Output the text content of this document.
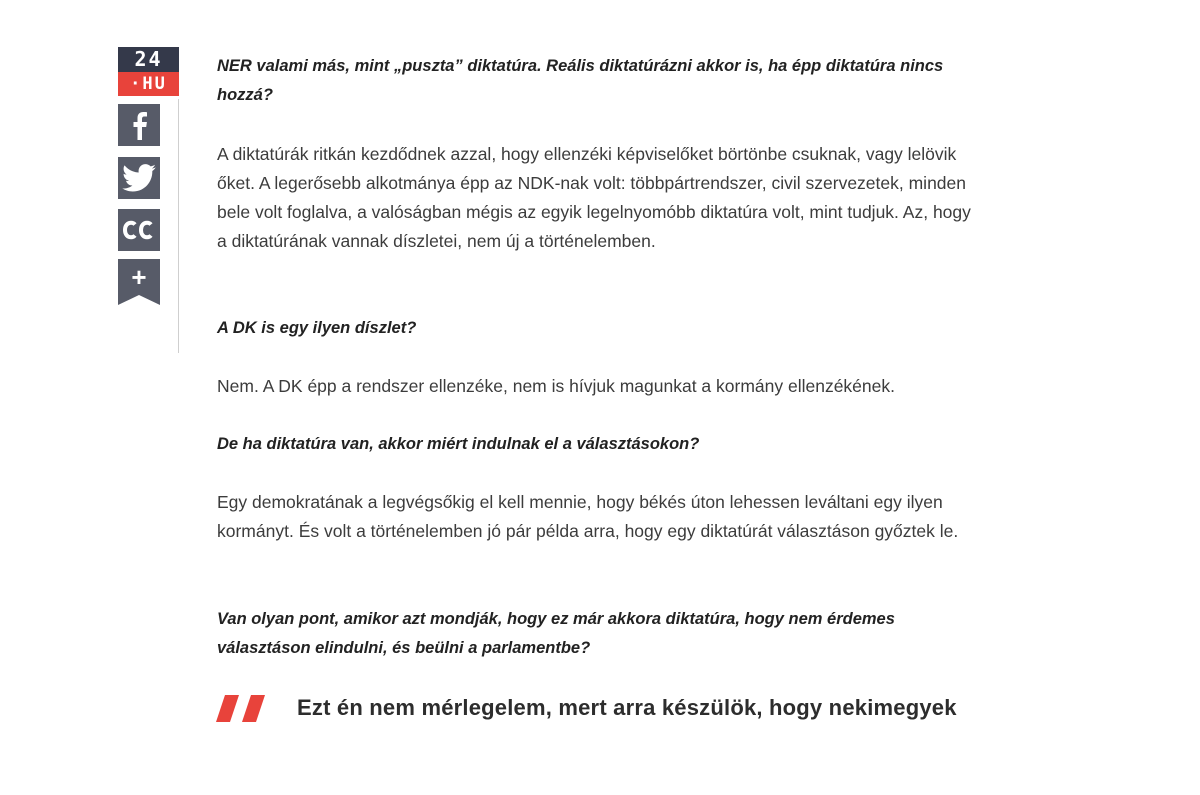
24
·HU
+

NER valami más, mint „puszta” diktatúra. Reális diktatúrázni akkor is, ha épp diktatúra nincs hozzá?

A diktatúrák ritkán kezdődnek azzal, hogy ellenzéki képviselőket börtönbe csuknak, vagy lelövik őket. A legerősebb alkotmánya épp az NDK-nak volt: többpártrendszer, civil szervezetek, minden bele volt foglalva, a valóságban mégis az egyik legelnyomóbb diktatúra volt, mint tudjuk. Az, hogy a diktatúrának vannak díszletei, nem új a történelemben.

A DK is egy ilyen díszlet?

Nem. A DK épp a rendszer ellenzéke, nem is hívjuk magunkat a kormány ellenzékének.

De ha diktatúra van, akkor miért indulnak el a választásokon?

Egy demokratának a legvégsőkig el kell mennie, hogy békés úton lehessen leváltani egy ilyen kormányt. És volt a történelemben jó pár példa arra, hogy egy diktatúrát választáson győztek le.

Van olyan pont, amikor azt mondják, hogy ez már akkora diktatúra, hogy nem érdemes választáson elindulni, és beülni a parlamentbe?

Ezt én nem mérlegelem, mert arra készülök, hogy nekimegyek
